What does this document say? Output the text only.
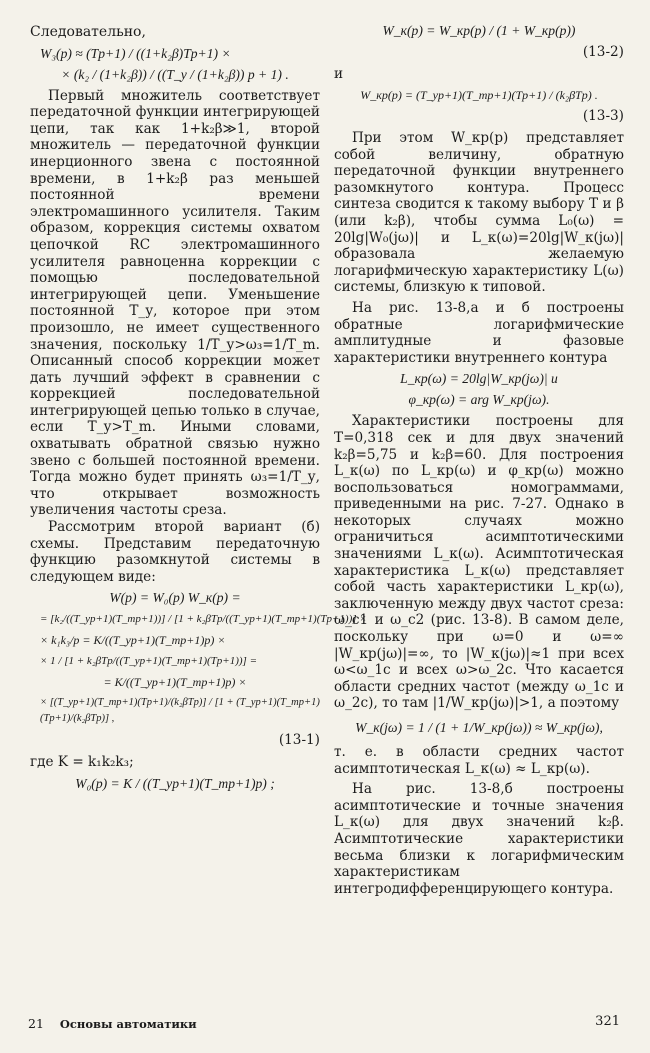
Следовательно,

W₃(p) ≈ (Tp+1) / ((1+k₂β)Tp+1) ×
× (k₂ / (1+k₂β)) / ((T_у / (1+k₂β)) p + 1) .

Первый множитель соответствует передаточной функции интегрирующей цепи, так как 1+k₂β≫1, второй множитель — передаточной функции инерционного звена с постоянной времени, в 1+k₂β раз меньшей постоянной времени электромашинного усилителя. Таким образом, коррекция системы охватом цепочкой RC электромашинного усилителя равноценна коррекции с помощью последовательной интегрирующей цепи. Уменьшение постоянной T_у, которое при этом произошло, не имеет существенного значения, поскольку 1/T_у>ω₃=1/T_m. Описанный способ коррекции может дать лучший эффект в сравнении с коррекцией последовательной интегрирующей цепью только в случае, если T_у>T_m. Иными словами, охватывать обратной связью нужно звено с большей постоянной времени. Тогда можно будет принять ω₃=1/T_у, что открывает возможность увеличения частоты среза.

Рассмотрим второй вариант (б) схемы. Представим передаточную функцию разомкнутой системы в следующем виде:

W(p) = W₀(p) W_к(p) =
= [k₂/((T_уp+1)(T_mp+1))] / [1 + k₂βTp/((T_уp+1)(T_mp+1)(Tp+1))] ×
× k₁k₃/p = K/((T_уp+1)(T_mp+1)p) ×
× 1 / [1 + k₂βTp/((T_уp+1)(T_mp+1)(Tp+1))] =
= K/((T_уp+1)(T_mp+1)p) ×
× [(T_уp+1)(T_mp+1)(Tp+1)/(k₂βTp)] / [1 + (T_уp+1)(T_mp+1)(Tp+1)/(k₂βTp)] ,
(13-1)

где K = k₁k₂k₃;

W₀(p) = K / ((T_уp+1)(T_mp+1)p) ;
W_к(p) = W_кр(p) / (1 + W_кр(p))
(13-2)
и
W_кр(p) = (T_уp+1)(T_mp+1)(Tp+1) / (k₂βTp) .
(13-3)

При этом W_кр(p) представляет собой величину, обратную передаточной функции внутреннего разомкнутого контура. Процесс синтеза сводится к такому выбору T и β (или k₂β), чтобы сумма L₀(ω) = 20lg|W₀(jω)| и L_к(ω)=20lg|W_к(jω)| образовала желаемую логарифмическую характеристику L(ω) системы, близкую к типовой.

На рис. 13-8,а и б построены обратные логарифмические амплитудные и фазовые характеристики внутреннего контура

L_кр(ω) = 20lg|W_кр(jω)| и
φ_кр(ω) = arg W_кр(jω).

Характеристики построены для T=0,318 сек и для двух значений k₂β=5,75 и k₂β=60. Для построения L_к(ω) по L_кр(ω) и φ_кр(ω) можно воспользоваться номограммами, приведенными на рис. 7-27. Однако в некоторых случаях можно ограничиться асимптотическими значениями L_к(ω). Асимптотическая характеристика L_к(ω) представляет собой часть характеристики L_кр(ω), заключенную между двух частот среза: ω_с1 и ω_с2 (рис. 13-8). В самом деле, поскольку при ω=0 и ω=∞ |W_кр(jω)|=∞, то |W_к(jω)|≈1 при всех ω<ω_1с и всех ω>ω_2с. Что касается области средних частот (между ω_1с и ω_2с), то там |1/W_кр(jω)|>1, а поэтому

W_к(jω) = 1 / (1 + 1/W_кр(jω)) ≈ W_кр(jω),

т. е. в области средних частот асимптотическая L_к(ω) ≈ L_кр(ω).

На рис. 13-8,б построены асимптотические и точные значения L_к(ω) для двух значений k₂β. Асимптотические характеристики весьма близки к логарифмическим характеристикам интегродифференцирующего контура.

21 Основы автоматики	321
